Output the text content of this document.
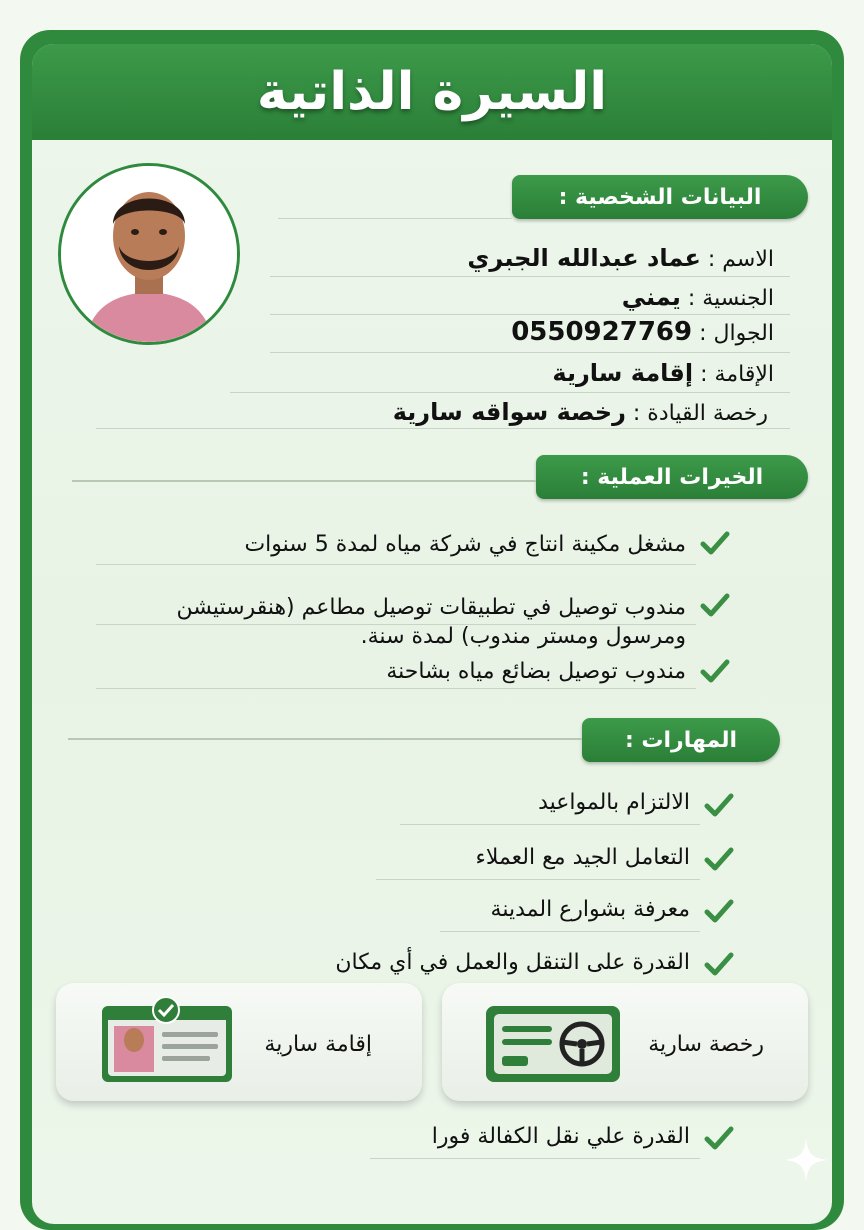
السيرة الذاتية
البيانات الشخصية :
الاسم : عماد عبدالله الجبري
الجنسية : يمني
الجوال : 0550927769
الإقامة : إقامة سارية
رخصة القيادة : رخصة سواقه سارية
الخيرات العملية :
مشغل مكينة انتاج في شركة مياه لمدة 5 سنوات
مندوب توصيل في تطبيقات توصيل مطاعم (هنقرستيشن
ومرسول ومستر مندوب) لمدة سنة.
مندوب توصيل بضائع مياه بشاحنة
المهارات :
الالتزام بالمواعيد
التعامل الجيد مع العملاء
معرفة بشوارع المدينة
القدرة على التنقل والعمل في أي مكان
رخصة سارية
إقامة سارية
القدرة علي نقل الكفالة فورا
